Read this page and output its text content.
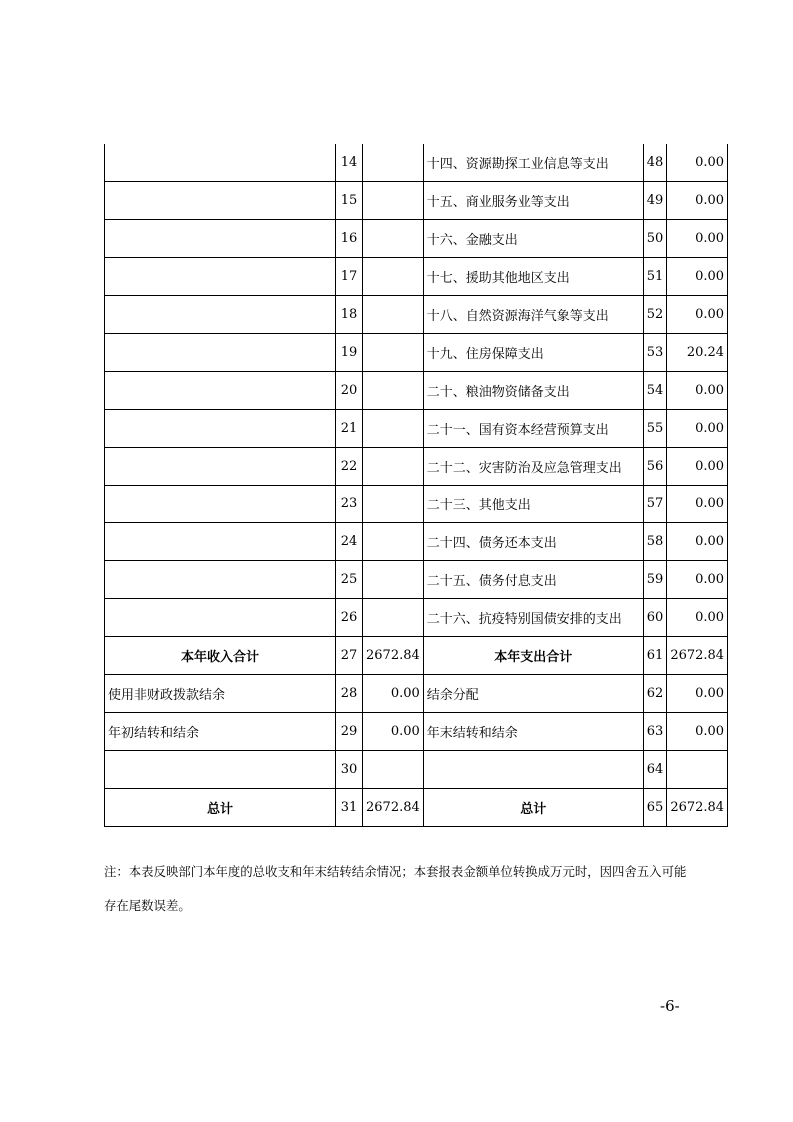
	14		十四、资源勘探工业信息等支出	48	0.00
	15		十五、商业服务业等支出	49	0.00
	16		十六、金融支出	50	0.00
	17		十七、援助其他地区支出	51	0.00
	18		十八、自然资源海洋气象等支出	52	0.00
	19		十九、住房保障支出	53	20.24
	20		二十、粮油物资储备支出	54	0.00
	21		二十一、国有资本经营预算支出	55	0.00
	22		二十二、灾害防治及应急管理支出	56	0.00
	23		二十三、其他支出	57	0.00
	24		二十四、债务还本支出	58	0.00
	25		二十五、债务付息支出	59	0.00
	26		二十六、抗疫特别国债安排的支出	60	0.00
本年收入合计	27	2672.84	本年支出合计	61	2672.84
使用非财政拨款结余	28	0.00	结余分配	62	0.00
年初结转和结余	29	0.00	年末结转和结余	63	0.00
	30			64	
总计	31	2672.84	总计	65	2672.84
注：本表反映部门本年度的总收支和年末结转结余情况；本套报表金额单位转换成万元时，因四舍五入可能
存在尾数误差。
-6-
